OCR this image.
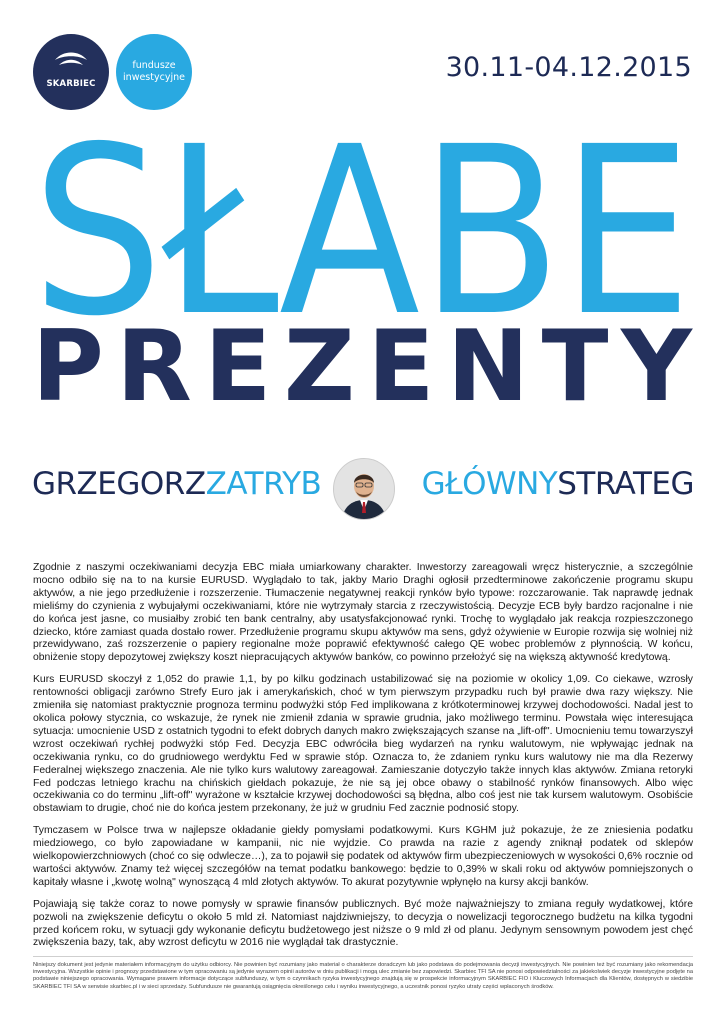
SKARBIEC
fundusze
inwestycyjne	30.11-04.12.2015
SŁABE
PREZENTY
GRZEGORZZATRYB	GŁÓWNYSTRATEG

Zgodnie z naszymi oczekiwaniami decyzja EBC miała umiarkowany charakter. Inwestorzy zareagowali wręcz histerycznie, a szczególnie mocno odbiło się na to na kursie EURUSD. Wyglądało to tak, jakby Mario Draghi ogłosił przedterminowe zakończenie programu skupu aktywów, a nie jego przedłużenie i rozszerzenie. Tłumaczenie negatywnej reakcji rynków było typowe: rozczarowanie. Tak naprawdę jednak mieliśmy do czynienia z wybujałymi oczekiwaniami, które nie wytrzymały starcia z rzeczywistością. Decyzje ECB były bardzo racjonalne i nie do końca jest jasne, co musiałby zrobić ten bank centralny, aby usatysfakcjonować rynki. Trochę to wyglądało jak reakcja rozpieszczonego dziecko, które zamiast quada dostało rower. Przedłużenie programu skupu aktywów ma sens, gdyż ożywienie w Europie rozwija się wolniej niż przewidywano, zaś rozszerzenie o papiery regionalne może poprawić efektywność całego QE wobec problemów z płynnością. W końcu, obniżenie stopy depozytowej zwiększy koszt niepracujących aktywów banków, co powinno przełożyć się na większą aktywność kredytową.

Kurs EURUSD skoczył z 1,052 do prawie 1,1, by po kilku godzinach ustabilizować się na poziomie w okolicy 1,09. Co ciekawe, wzrosły rentowności obligacji zarówno Strefy Euro jak i amerykańskich, choć w tym pierwszym przypadku ruch był prawie dwa razy większy. Nie zmieniła się natomiast praktycznie prognoza terminu podwyżki stóp Fed implikowana z krótkoterminowej krzywej dochodowości. Nadal jest to okolica połowy stycznia, co wskazuje, że rynek nie zmienił zdania w sprawie grudnia, jako możliwego terminu. Powstała więc interesująca sytuacja: umocnienie USD z ostatnich tygodni to efekt dobrych danych makro zwiększających szanse na „lift-off". Umocnieniu temu towarzyszył wzrost oczekiwań rychłej podwyżki stóp Fed. Decyzja EBC odwróciła bieg wydarzeń na rynku walutowym, nie wpływając jednak na oczekiwania rynku, co do grudniowego werdyktu Fed w sprawie stóp. Oznacza to, że zdaniem rynku kurs walutowy nie ma dla Rezerwy Federalnej większego znaczenia. Ale nie tylko kurs walutowy zareagował. Zamieszanie dotyczyło także innych klas aktywów. Zmiana retoryki Fed podczas letniego krachu na chińskich giełdach pokazuje, że nie są jej obce obawy o stabilność rynków finansowych. Albo więc oczekiwania co do terminu „lift-off" wyrażone w kształcie krzywej dochodowości są błędna, albo coś jest nie tak kursem walutowym. Osobiście obstawiam to drugie, choć nie do końca jestem przekonany, że już w grudniu Fed zacznie podnosić stopy.

Tymczasem w Polsce trwa w najlepsze okładanie giełdy pomysłami podatkowymi. Kurs KGHM już pokazuje, że ze zniesienia podatku miedziowego, co było zapowiadane w kampanii, nic nie wyjdzie. Co prawda na razie z agendy zniknął podatek od sklepów wielkopowierzchniowych (choć co się odwlecze…), za to pojawił się podatek od aktywów firm ubezpieczeniowych w wysokości 0,6% rocznie od wartości aktywów. Znamy też więcej szczegółów na temat podatku bankowego: będzie to 0,39% w skali roku od aktywów pomniejszonych o kapitały własne i „kwotę wolną" wynoszącą 4 mld złotych aktywów. To akurat pozytywnie wpłynęło na kursy akcji banków.

Pojawiają się także coraz to nowe pomysły w sprawie finansów publicznych. Być może najważniejszy to zmiana reguły wydatkowej, które pozwoli na zwiększenie deficytu o około 5 mld zł. Natomiast najdziwniejszy, to decyzja o nowelizacji tegorocznego budżetu na kilka tygodni przed końcem roku, w sytuacji gdy wykonanie deficytu budżetowego jest niższe o 9 mld zł od planu. Jedynym sensownym powodem jest chęć zwiększenia bazy, tak, aby wzrost deficytu w 2016 nie wyglądał tak drastycznie.

Niniejszy dokument jest jedynie materiałem informacyjnym do użytku odbiorcy. Nie powinien być rozumiany jako materiał o charakterze doradczym lub jako podstawa do podejmowania decyzji inwestycyjnych. Nie powinien też być rozumiany jako rekomendacja inwestycyjna. Wszystkie opinie i prognozy przedstawione w tym opracowaniu są jedynie wyrazem opinii autorów w dniu publikacji i mogą ulec zmianie bez zapowiedzi. Skarbiec TFI SA nie ponosi odpowiedzialności za jakiekolwiek decyzje inwestycyjne podjęte na podstawie niniejszego opracowania. Wymagane prawem informacje dotyczące subfunduszy, w tym o czynnikach ryzyka inwestycyjnego znajdują się w prospekcie informacyjnym SKARBIEC FIO i Kluczowych Informacjach dla Klientów, dostępnych w siedzibie SKARBIEC TFI SA w serwisie skarbiec.pl i w sieci sprzedaży. Subfundusze nie gwarantują osiągnięcia określonego celu i wyniku inwestycyjnego, a uczestnik ponosi ryzyko utraty części wpłaconych środków.
